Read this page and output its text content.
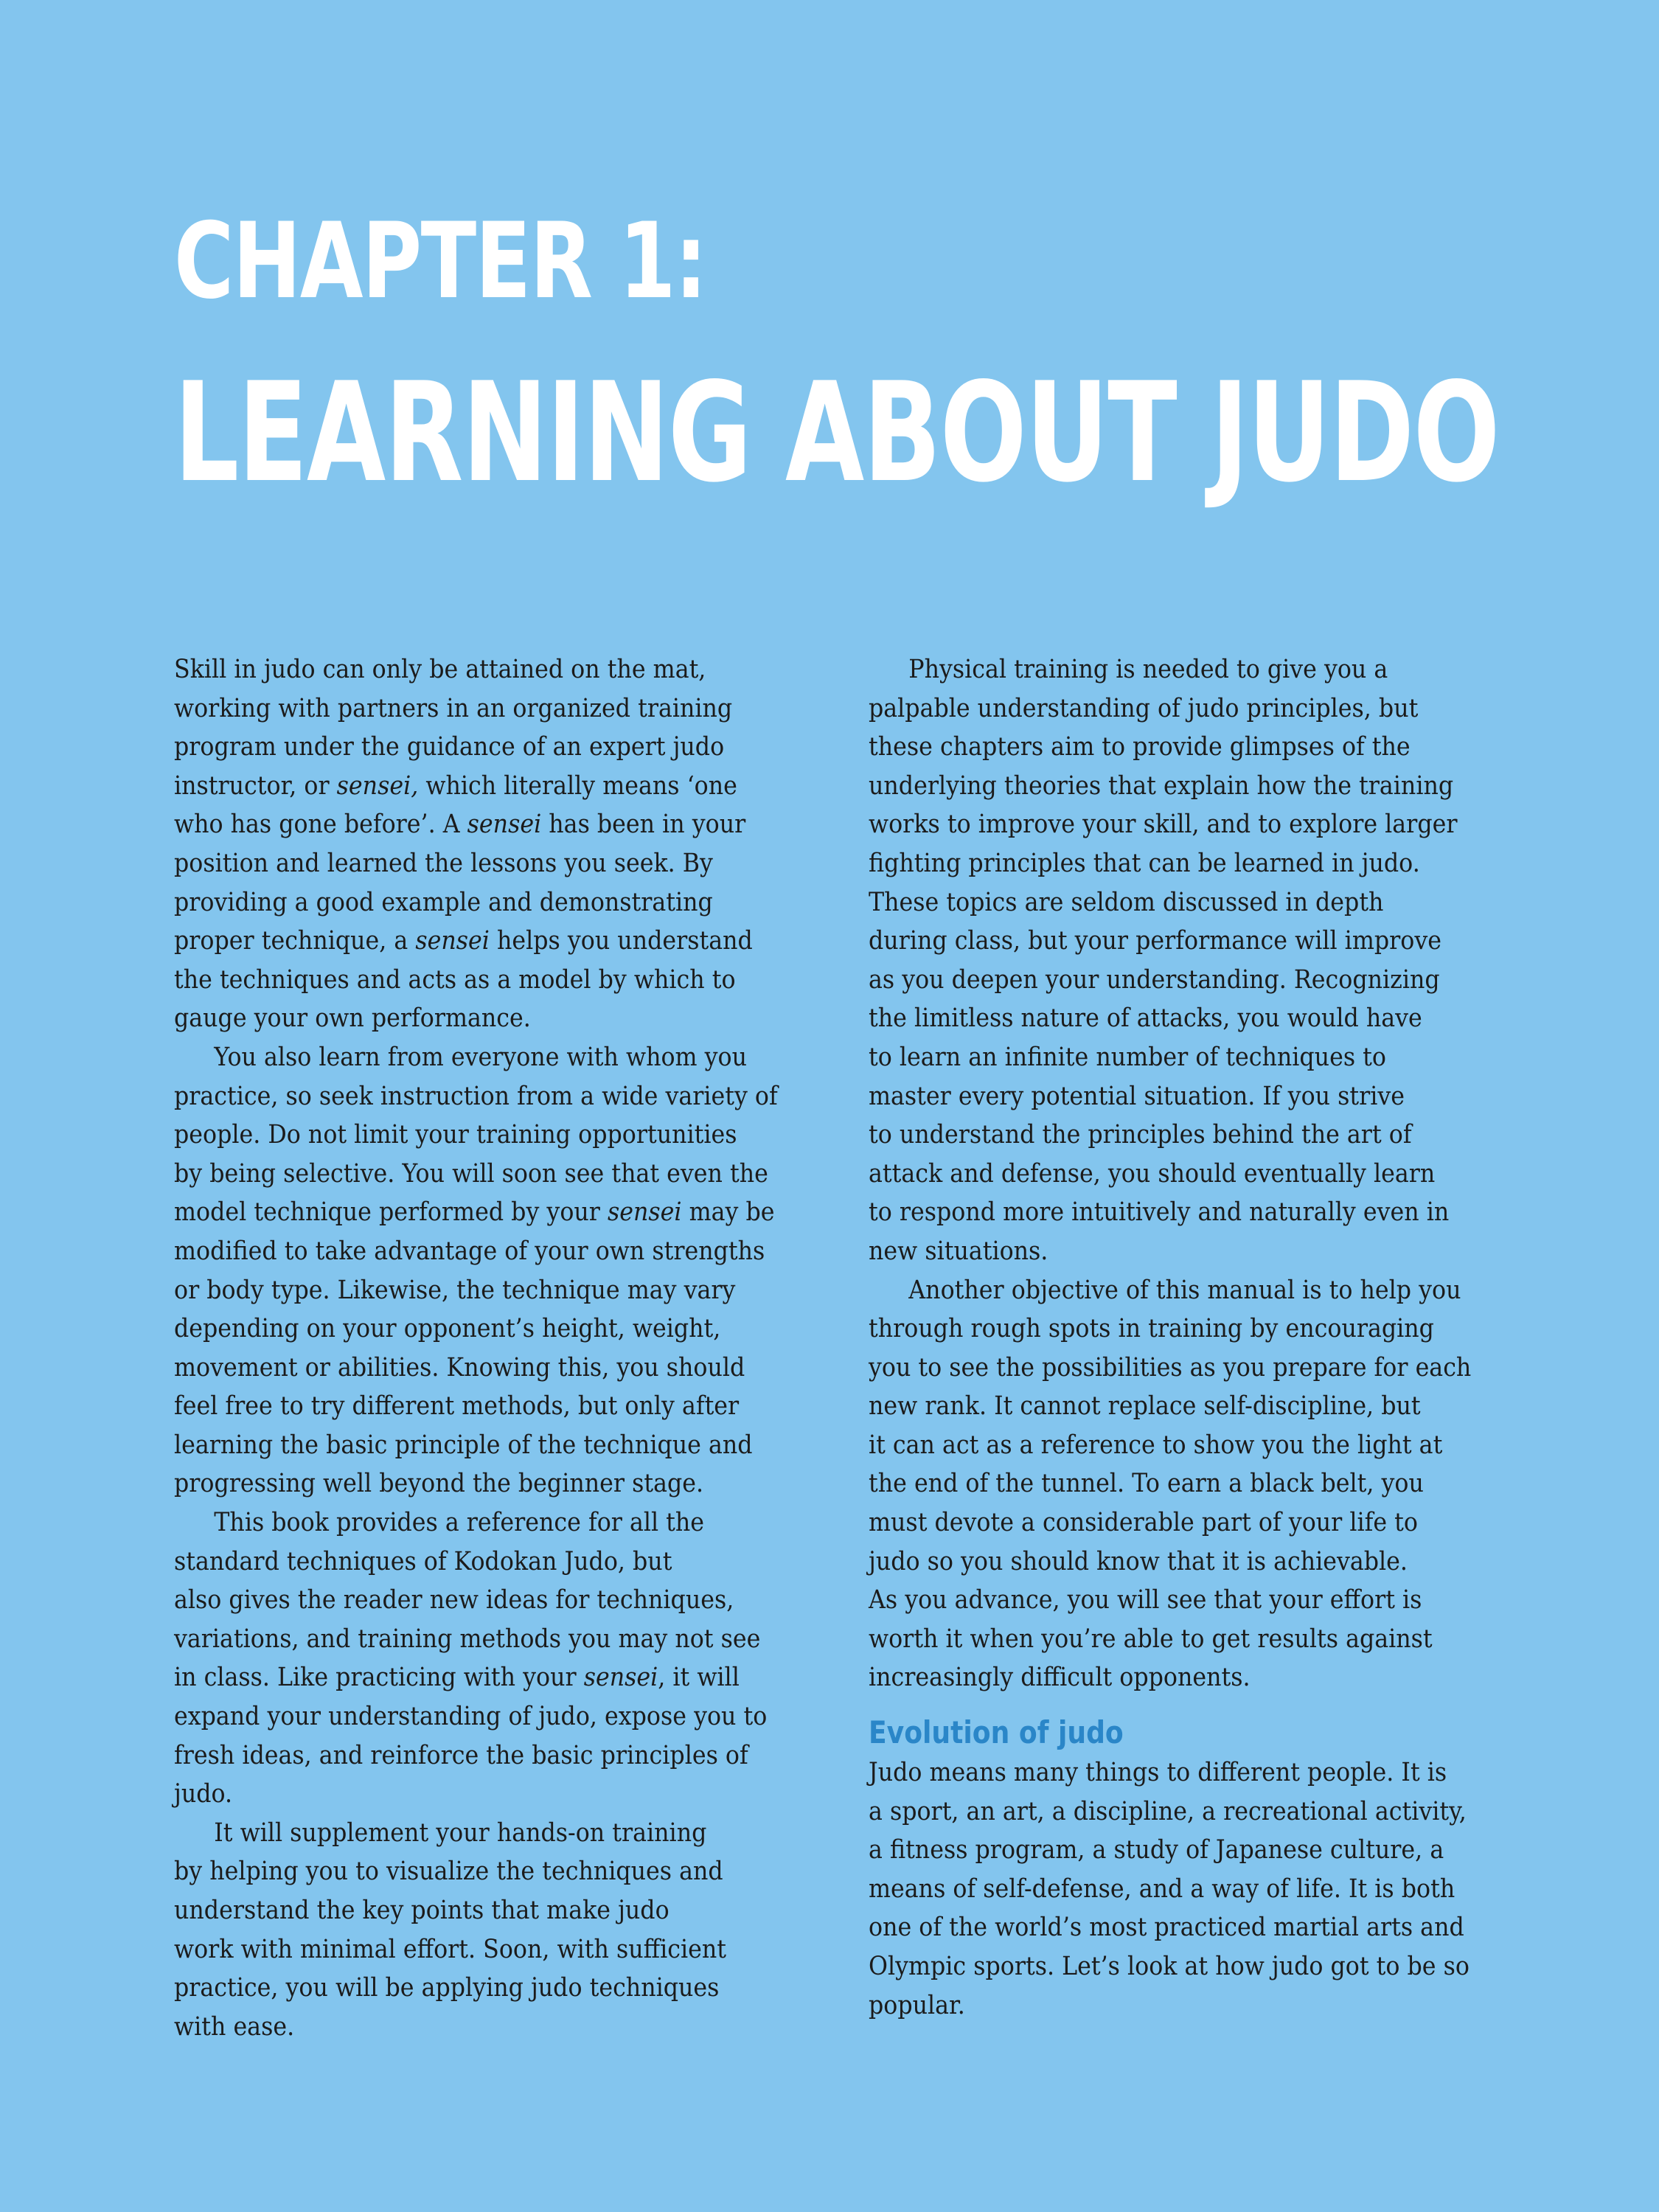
CHAPTER 1:
LEARNING ABOUT JUDO

Skill in judo can only be attained on the mat,
working with partners in an organized training
program under the guidance of an expert judo
instructor, or sensei, which literally means ‘one
who has gone before’. A sensei has been in your
position and learned the lessons you seek. By
providing a good example and demonstrating
proper technique, a sensei helps you understand
the techniques and acts as a model by which to
gauge your own performance.

You also learn from everyone with whom you
practice, so seek instruction from a wide variety of
people. Do not limit your training opportunities
by being selective. You will soon see that even the
model technique performed by your sensei may be
modified to take advantage of your own strengths
or body type. Likewise, the technique may vary
depending on your opponent’s height, weight,
movement or abilities. Knowing this, you should
feel free to try different methods, but only after
learning the basic principle of the technique and
progressing well beyond the beginner stage.

This book provides a reference for all the
standard techniques of Kodokan Judo, but
also gives the reader new ideas for techniques,
variations, and training methods you may not see
in class. Like practicing with your sensei, it will
expand your understanding of judo, expose you to
fresh ideas, and reinforce the basic principles of
judo.

It will supplement your hands-on training
by helping you to visualize the techniques and
understand the key points that make judo
work with minimal effort. Soon, with sufficient
practice, you will be applying judo techniques
with ease.

Physical training is needed to give you a
palpable understanding of judo principles, but
these chapters aim to provide glimpses of the
underlying theories that explain how the training
works to improve your skill, and to explore larger
fighting principles that can be learned in judo.
These topics are seldom discussed in depth
during class, but your performance will improve
as you deepen your understanding. Recognizing
the limitless nature of attacks, you would have
to learn an infinite number of techniques to
master every potential situation. If you strive
to understand the principles behind the art of
attack and defense, you should eventually learn
to respond more intuitively and naturally even in
new situations.

Another objective of this manual is to help you
through rough spots in training by encouraging
you to see the possibilities as you prepare for each
new rank. It cannot replace self-discipline, but
it can act as a reference to show you the light at
the end of the tunnel. To earn a black belt, you
must devote a considerable part of your life to
judo so you should know that it is achievable.
As you advance, you will see that your effort is
worth it when you’re able to get results against
increasingly difficult opponents.

Evolution of judo

Judo means many things to different people. It is
a sport, an art, a discipline, a recreational activity,
a fitness program, a study of Japanese culture, a
means of self-defense, and a way of life. It is both
one of the world’s most practiced martial arts and
Olympic sports. Let’s look at how judo got to be so
popular.
